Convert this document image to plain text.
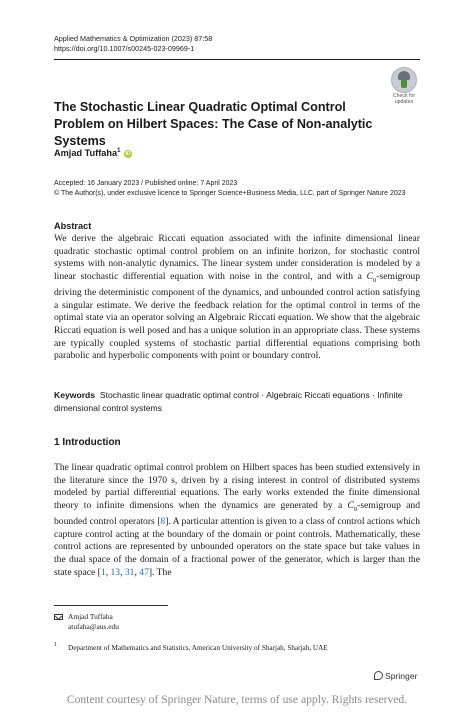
Applied Mathematics & Optimization (2023) 87:58
https://doi.org/10.1007/s00245-023-09969-1
Check for
updates
The Stochastic Linear Quadratic Optimal Control Problem on Hilbert Spaces: The Case of Non-analytic Systems
Amjad Tuffaha$^1$ iD
Accepted: 16 January 2023 / Published online: 7 April 2023
© The Author(s), under exclusive licence to Springer Science+Business Media, LLC, part of Springer Nature 2023
Abstract
We derive the algebraic Riccati equation associated with the infinite dimensional linear quadratic stochastic optimal control problem on an infinite horizon, for stochastic control systems with non-analytic dynamics. The linear system under consideration is modeled by a linear stochastic differential equation with noise in the control, and with a $C_0$-semigroup driving the deterministic component of the dynamics, and unbounded control action satisfying a singular estimate. We derive the feedback relation for the optimal control in terms of the optimal state via an operator solving an Algebraic Riccati equation. We show that the algebraic Riccati equation is well posed and has a unique solution in an appropriate class. These systems are typically coupled systems of stochastic partial differential equations comprising both parabolic and hyperbolic components with point or boundary control.
Keywords Stochastic linear quadratic optimal control · Algebraic Riccati equations · Infinite dimensional control systems
1 Introduction
The linear quadratic optimal control problem on Hilbert spaces has been studied extensively in the literature since the 1970 s, driven by a rising interest in control of distributed systems modeled by partial differential equations. The early works extended the finite dimensional theory to infinite dimensions when the dynamics are generated by a $C_0$-semigroup and bounded control operators [8]. A particular attention is given to a class of control actions which capture control acting at the boundary of the domain or point controls. Mathematically, these control actions are represented by unbounded operators on the state space but take values in the dual space of the domain of a fractional power of the generator, which is larger than the state space [1, 13, 31, 47]. The
Amjad Tuffaha
atufaha@aus.edu
1 Department of Mathematics and Statistics, American University of Sharjah, Sharjah, UAE
Springer
Content courtesy of Springer Nature, terms of use apply. Rights reserved.
